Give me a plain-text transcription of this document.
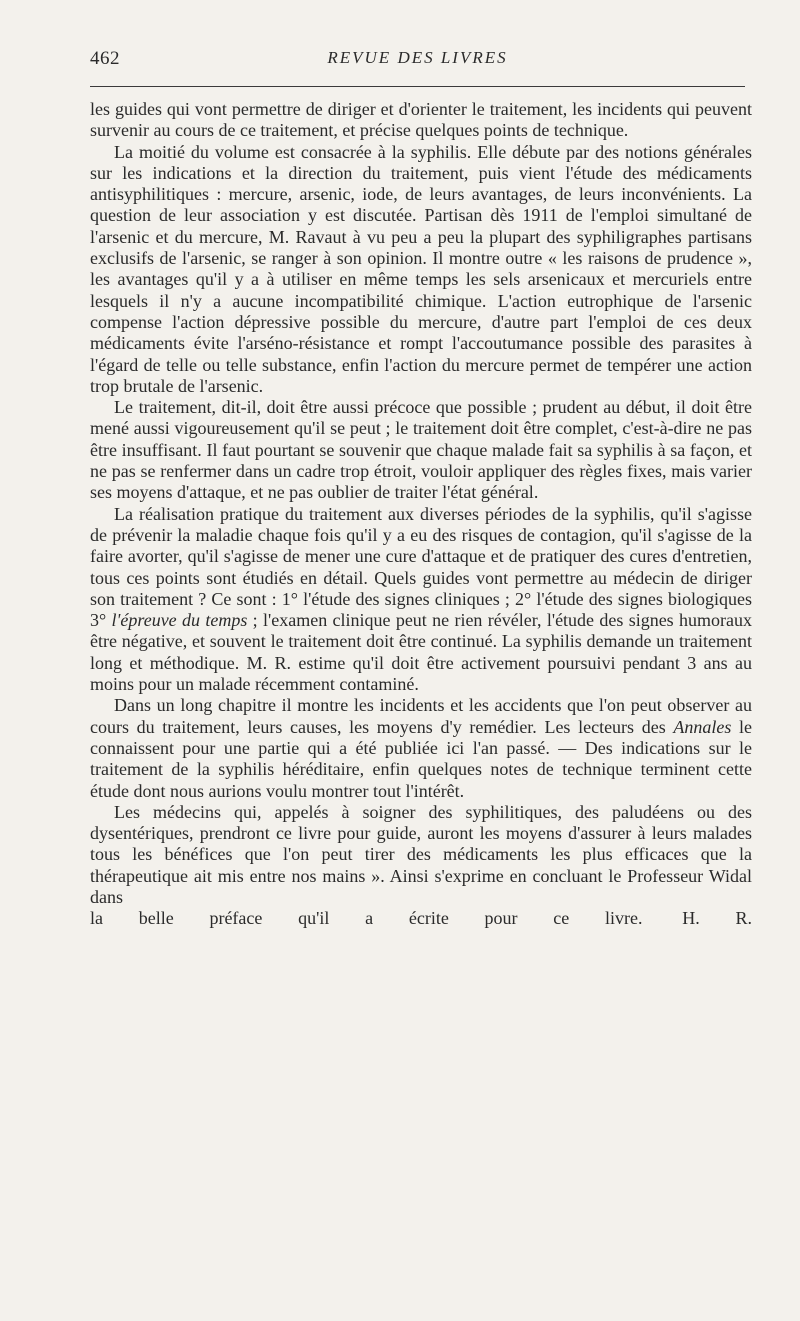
462	REVUE DES LIVRES

les guides qui vont permettre de diriger et d'orienter le traitement, les incidents qui peuvent survenir au cours de ce traitement, et précise quelques points de technique.

La moitié du volume est consacrée à la syphilis. Elle débute par des notions générales sur les indications et la direction du traitement, puis vient l'étude des médicaments antisyphilitiques : mercure, arsenic, iode, de leurs avantages, de leurs inconvénients. La question de leur association y est discutée. Partisan dès 1911 de l'emploi simultané de l'arsenic et du mercure, M. Ravaut à vu peu a peu la plupart des syphiligraphes partisans exclusifs de l'arsenic, se ranger à son opinion. Il montre outre « les raisons de prudence », les avantages qu'il y a à utiliser en même temps les sels arsenicaux et mercuriels entre lesquels il n'y a aucune incompatibilité chimique. L'action eutrophique de l'arsenic compense l'action dépressive possible du mercure, d'autre part l'emploi de ces deux médicaments évite l'arséno-résistance et rompt l'accoutumance possible des parasites à l'égard de telle ou telle substance, enfin l'action du mercure permet de tempérer une action trop brutale de l'arsenic.

Le traitement, dit-il, doit être aussi précoce que possible ; prudent au début, il doit être mené aussi vigoureusement qu'il se peut ; le traitement doit être complet, c'est-à-dire ne pas être insuffisant. Il faut pourtant se souvenir que chaque malade fait sa syphilis à sa façon, et ne pas se renfermer dans un cadre trop étroit, vouloir appliquer des règles fixes, mais varier ses moyens d'attaque, et ne pas oublier de traiter l'état général.

La réalisation pratique du traitement aux diverses périodes de la syphilis, qu'il s'agisse de prévenir la maladie chaque fois qu'il y a eu des risques de contagion, qu'il s'agisse de la faire avorter, qu'il s'agisse de mener une cure d'attaque et de pratiquer des cures d'entretien, tous ces points sont étudiés en détail. Quels guides vont permettre au médecin de diriger son traitement ? Ce sont : 1° l'étude des signes cliniques ; 2° l'étude des signes biologiques 3° l'épreuve du temps ; l'examen clinique peut ne rien révéler, l'étude des signes humoraux être négative, et souvent le traitement doit être continué. La syphilis demande un traitement long et méthodique. M. R. estime qu'il doit être activement poursuivi pendant 3 ans au moins pour un malade récemment contaminé.

Dans un long chapitre il montre les incidents et les accidents que l'on peut observer au cours du traitement, leurs causes, les moyens d'y remédier. Les lecteurs des Annales le connaissent pour une partie qui a été publiée ici l'an passé. — Des indications sur le traitement de la syphilis héréditaire, enfin quelques notes de technique terminent cette étude dont nous aurions voulu montrer tout l'intérêt.

Les médecins qui, appelés à soigner des syphilitiques, des paludéens ou des dysentériques, prendront ce livre pour guide, auront les moyens d'assurer à leurs malades tous les bénéfices que l'on peut tirer des médicaments les plus efficaces que la thérapeutique ait mis entre nos mains ». Ainsi s'exprime en concluant le Professeur Widal dans

la belle préface qu'il a écrite pour ce livre. H. R.
